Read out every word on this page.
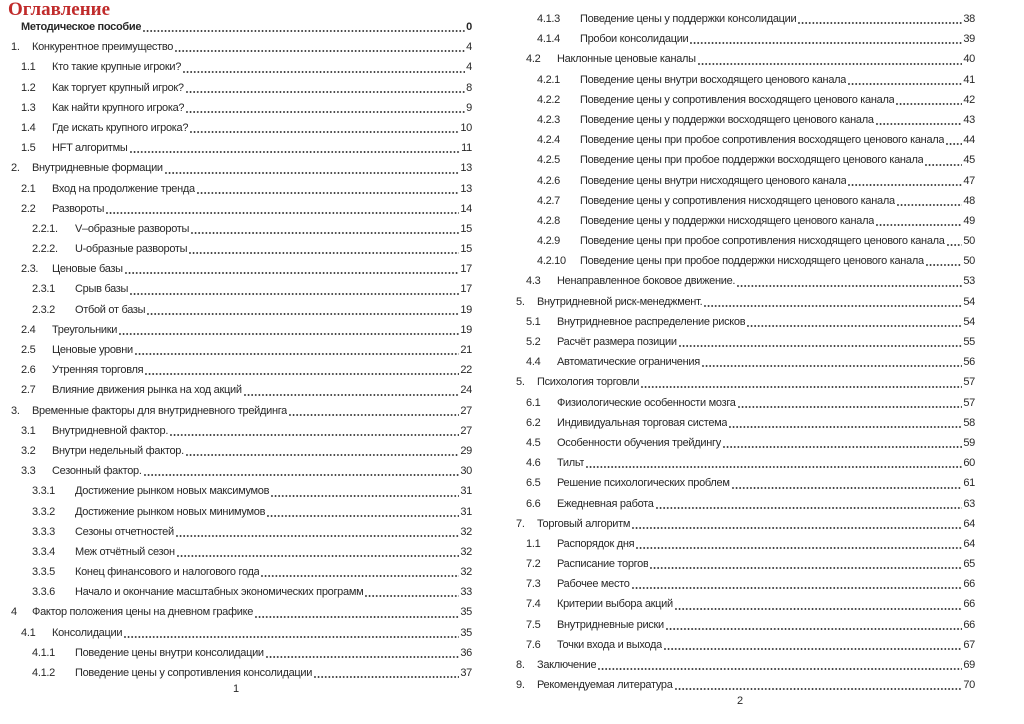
Оглавление
Методическое пособие	0
1.	Конкурентное преимущество	4
1.1	Кто такие крупные игроки?	4
1.2	Как торгует крупный игрок?	8
1.3	Как найти крупного игрока?	9
1.4	Где искать крупного игрока?	10
1.5	HFT алгоритмы	11
2.	Внутридневные формации	13
2.1	Вход на продолжение тренда	13
2.2	Развороты	14
2.2.1.	V–образные развороты	15
2.2.2.	U-образные развороты	15
2.3.	Ценовые базы	17
2.3.1	Срыв базы	17
2.3.2	Отбой от базы	19
2.4	Треугольники	19
2.5	Ценовые уровни	21
2.6	Утренняя торговля	22
2.7	Влияние движения рынка на ход акций	24
3.	Временные факторы для внутридневного трейдинга	27
3.1	Внутридневной фактор.	27
3.2	Внутри недельный фактор.	29
3.3	Сезонный фактор.	30
3.3.1	Достижение рынком новых максимумов	31
3.3.2	Достижение рынком новых минимумов	31
3.3.3	Сезоны отчетностей	32
3.3.4	Меж отчётный сезон	32
3.3.5	Конец финансового и налогового года	32
3.3.6	Начало и окончание масштабных экономических программ	33
4	Фактор положения цены на дневном графике	35
4.1	Консолидации	35
4.1.1	Поведение цены внутри консолидации	36
4.1.2	Поведение цены у сопротивления консолидации	37
1
4.1.3	Поведение цены у поддержки консолидации	38
4.1.4	Пробои консолидации	39
4.2	Наклонные ценовые каналы	40
4.2.1	Поведение цены внутри восходящего ценового канала	41
4.2.2	Поведение цены у сопротивления восходящего ценового канала	42
4.2.3	Поведение цены у поддержки восходящего ценового канала	43
4.2.4	Поведение цены при пробое сопротивления восходящего ценового канала 44
4.2.5	Поведение цены при пробое поддержки восходящего ценового канала	45
4.2.6	Поведение цены внутри нисходящего ценового канала	47
4.2.7	Поведение цены у сопротивления нисходящего ценового канала	48
4.2.8	Поведение цены у поддержки нисходящего ценового канала	49
4.2.9	Поведение цены при пробое сопротивления нисходящего ценового канала 50
4.2.10	Поведение цены при пробое поддержки нисходящего ценового канала	50
4.3	Ненаправленное боковое движение.	53
5.	Внутридневной риск-менеджмент.	54
5.1	Внутридневное распределение рисков	54
5.2	Расчёт размера позиции	55
4.4	Автоматические ограничения	56
5.	Психология торговли	57
6.1	Физиологические особенности мозга	57
6.2	Индивидуальная торговая система	58
4.5	Особенности обучения трейдингу	59
4.6	Тильт	60
6.5	Решение психологических проблем	61
6.6	Ежедневная работа	63
7.	Торговый алгоритм	64
1.1	Распорядок дня	64
7.2	Расписание торгов	65
7.3	Рабочее место	66
7.4	Критерии выбора акций	66
7.5	Внутридневные риски	66
7.6	Точки входа и выхода	67
8.	Заключение	69
9.	Рекомендуемая литература	70
2
